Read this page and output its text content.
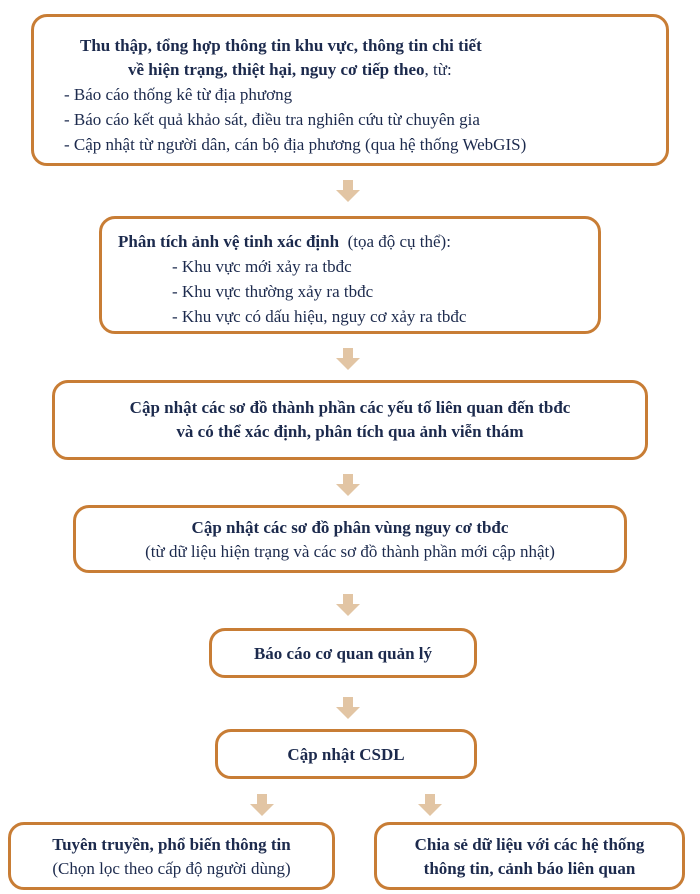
Thu thập, tổng hợp thông tin khu vực, thông tin chi tiết
về hiện trạng, thiệt hại, nguy cơ tiếp theo, từ:
- Báo cáo thống kê từ địa phương
- Báo cáo kết quả khảo sát, điều tra nghiên cứu từ chuyên gia
- Cập nhật từ người dân, cán bộ địa phương (qua hệ thống WebGIS)
Phân tích ảnh vệ tinh xác định (tọa độ cụ thể):
- Khu vực mới xảy ra tbđc
- Khu vực thường xảy ra tbđc
- Khu vực có dấu hiệu, nguy cơ xảy ra tbđc
Cập nhật các sơ đồ thành phần các yếu tố liên quan đến tbđc
và có thể xác định, phân tích qua ảnh viễn thám
Cập nhật các sơ đồ phân vùng nguy cơ tbđc
(từ dữ liệu hiện trạng và các sơ đồ thành phần mới cập nhật)
Báo cáo cơ quan quản lý
Cập nhật CSDL
Tuyên truyền, phổ biến thông tin
(Chọn lọc theo cấp độ người dùng)
Chia sẻ dữ liệu với các hệ thống
thông tin, cảnh báo liên quan
